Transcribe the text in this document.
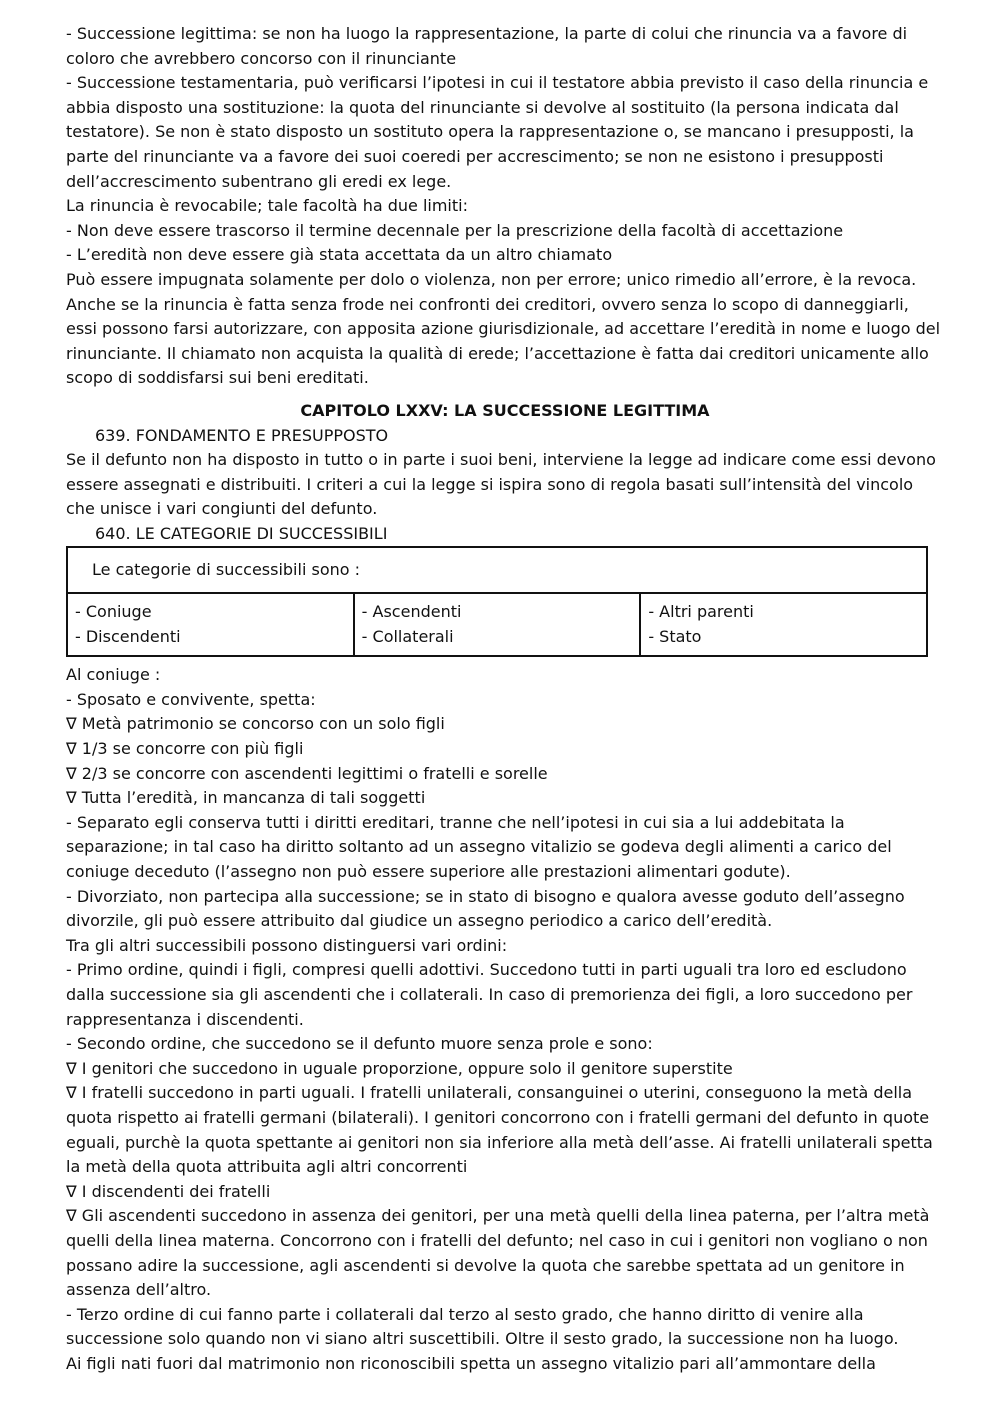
- Successione legittima: se non ha luogo la rappresentazione, la parte di colui che rinuncia va a favore di coloro che avrebbero concorso con il rinunciante

- Successione testamentaria, può verificarsi l’ipotesi in cui il testatore abbia previsto il caso della rinuncia e abbia disposto una sostituzione: la quota del rinunciante si devolve al sostituito (la persona indicata dal testatore). Se non è stato disposto un sostituto opera la rappresentazione o, se mancano i presupposti, la parte del rinunciante va a favore dei suoi coeredi per accrescimento; se non ne esistono i presupposti dell’accrescimento subentrano gli eredi ex lege.

La rinuncia è revocabile; tale facoltà ha due limiti:

- Non deve essere trascorso il termine decennale per la prescrizione della facoltà di accettazione

- L’eredità non deve essere già stata accettata da un altro chiamato

Può essere impugnata solamente per dolo o violenza, non per errore; unico rimedio all’errore, è la revoca.

Anche se la rinuncia è fatta senza frode nei confronti dei creditori, ovvero senza lo scopo di danneggiarli, essi possono farsi autorizzare, con apposita azione giurisdizionale, ad accettare l’eredità in nome e luogo del rinunciante. Il chiamato non acquista la qualità di erede; l’accettazione è fatta dai creditori unicamente allo scopo di soddisfarsi sui beni ereditati.

CAPITOLO LXXV: LA SUCCESSIONE LEGITTIMA

639. FONDAMENTO E PRESUPPOSTO

Se il defunto non ha disposto in tutto o in parte i suoi beni, interviene la legge ad indicare come essi devono essere assegnati e distribuiti. I criteri a cui la legge si ispira sono di regola basati sull’intensità del vincolo che unisce i vari congiunti del defunto.

640. LE CATEGORIE DI SUCCESSIBILI

Le categorie di successibili sono :

- Coniuge
- Discendenti

- Ascendenti
- Collaterali

- Altri parenti
- Stato

Al coniuge :

- Sposato e convivente, spetta:

∇ Metà patrimonio se concorso con un solo figli

∇ 1/3 se concorre con più figli

∇ 2/3 se concorre con ascendenti legittimi o fratelli e sorelle

∇ Tutta l’eredità, in mancanza di tali soggetti

- Separato egli conserva tutti i diritti ereditari, tranne che nell’ipotesi in cui sia a lui addebitata la separazione; in tal caso ha diritto soltanto ad un assegno vitalizio se godeva degli alimenti a carico del coniuge deceduto (l’assegno non può essere superiore alle prestazioni alimentari godute).

- Divorziato, non partecipa alla successione; se in stato di bisogno e qualora avesse goduto dell’assegno divorzile, gli può essere attribuito dal giudice un assegno periodico a carico dell’eredità.

Tra gli altri successibili possono distinguersi vari ordini:

- Primo ordine, quindi i figli, compresi quelli adottivi. Succedono tutti in parti uguali tra loro ed escludono dalla successione sia gli ascendenti che i collaterali. In caso di premorienza dei figli, a loro succedono per rappresentanza i discendenti.

- Secondo ordine, che succedono se il defunto muore senza prole e sono:

∇ I genitori che succedono in uguale proporzione, oppure solo il genitore superstite

∇ I fratelli succedono in parti uguali. I fratelli unilaterali, consanguinei o uterini, conseguono la metà della quota rispetto ai fratelli germani (bilaterali). I genitori concorrono con i fratelli germani del defunto in quote eguali, purchè la quota spettante ai genitori non sia inferiore alla metà dell’asse. Ai fratelli unilaterali spetta la metà della quota attribuita agli altri concorrenti

∇ I discendenti dei fratelli

∇ Gli ascendenti succedono in assenza dei genitori, per una metà quelli della linea paterna, per l’altra metà quelli della linea materna. Concorrono con i fratelli del defunto; nel caso in cui i genitori non vogliano o non possano adire la successione, agli ascendenti si devolve la quota che sarebbe spettata ad un genitore in assenza dell’altro.

- Terzo ordine di cui fanno parte i collaterali dal terzo al sesto grado, che hanno diritto di venire alla successione solo quando non vi siano altri suscettibili. Oltre il sesto grado, la successione non ha luogo.

Ai figli nati fuori dal matrimonio non riconoscibili spetta un assegno vitalizio pari all’ammontare della
